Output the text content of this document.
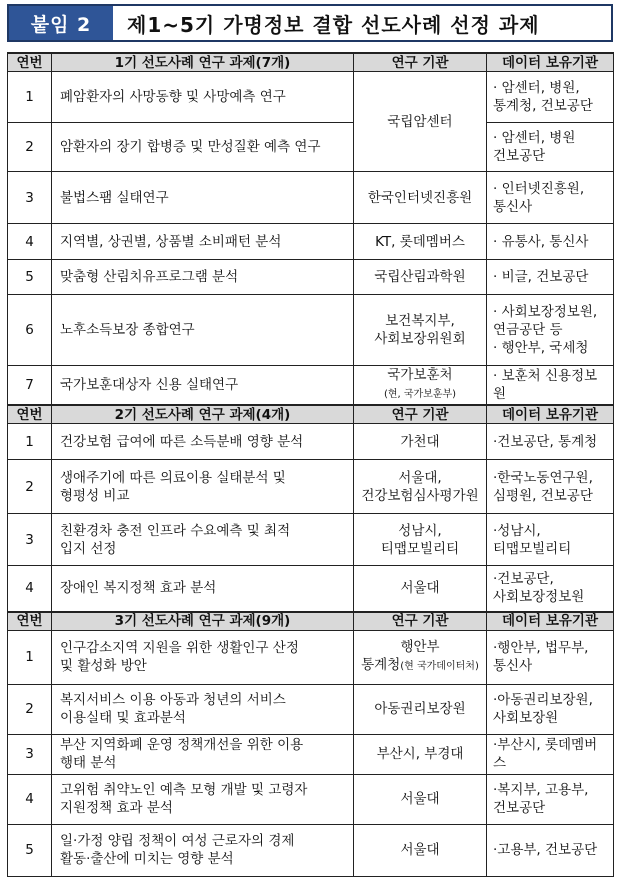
붙임 2	제1~5기 가명정보 결합 선도사례 선정 과제
연번	1기 선도사례 연구 과제(7개)	연구 기관	데이터 보유기관
1	폐암환자의 사망동향 및 사망예측 연구	국립암센터	· 암센터, 병원,
통계청, 건보공단
2	암환자의 장기 합병증 및 만성질환 예측 연구		· 암센터, 병원
건보공단
3	불법스팸 실태연구	한국인터넷진흥원	· 인터넷진흥원,
통신사
4	지역별, 상권별, 상품별 소비패턴 분석	KT, 롯데멤버스	· 유통사, 통신사
5	맞춤형 산림치유프로그램 분석	국립산림과학원	· 비글, 건보공단
6	노후소득보장 종합연구	보건복지부,
사회보장위원회	· 사회보장정보원,
연금공단 등
· 행안부, 국세청
7	국가보훈대상자 신용 실태연구	국가보훈처
(현, 국가보훈부)	· 보훈처 신용정보원
연번	2기 선도사례 연구 과제(4개)	연구 기관	데이터 보유기관
1	건강보험 급여에 따른 소득분배 영향 분석	가천대	·건보공단, 통계청
2	생애주기에 따른 의료이용 실태분석 및
형평성 비교	서울대,
건강보험심사평가원	·한국노동연구원,
심평원, 건보공단
3	친환경차 충전 인프라 수요예측 및 최적
입지 선정	성남시,
티맵모빌리티	·성남시,
티맵모빌리티
4	장애인 복지정책 효과 분석	서울대	·건보공단,
사회보장정보원
연번	3기 선도사례 연구 과제(9개)	연구 기관	데이터 보유기관
1	인구감소지역 지원을 위한 생활인구 산정
및 활성화 방안	행안부
통계청(현 국가데이터처)	·행안부, 법무부,
통신사
2	복지서비스 이용 아동과 청년의 서비스
이용실태 및 효과분석	아동권리보장원	·아동권리보장원,
사회보장원
3	부산 지역화폐 운영 정책개선을 위한 이용
행태 분석	부산시, 부경대	·부산시, 롯데멤버스
4	고위험 취약노인 예측 모형 개발 및 고령자
지원정책 효과 분석	서울대	·복지부, 고용부,
건보공단
5	일·가정 양립 정책이 여성 근로자의 경제
활동·출산에 미치는 영향 분석	서울대	·고용부, 건보공단
